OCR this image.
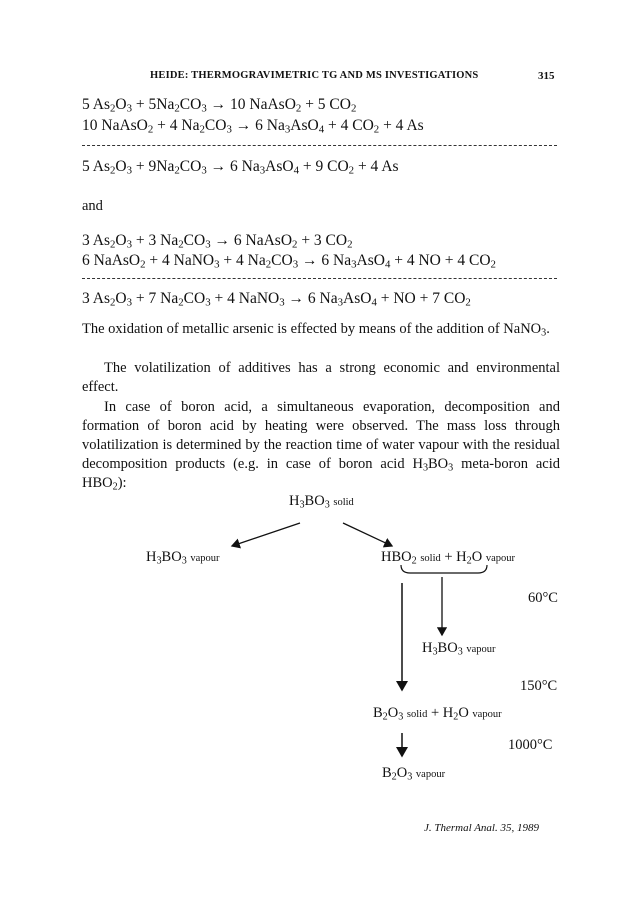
HEIDE: THERMOGRAVIMETRIC TG AND MS INVESTIGATIONS	315
5 $As_2O_3 + 5Na_2CO_3 \to 10$ NaAsO$_2$ + 5 $CO_2$
10 NaAsO$_2$ + 4 $Na_2CO_3 \to 6$ $Na_3AsO_4 + 4$ $CO_2 + 4$ As
5 $As_2O_3 + 9Na_2CO_3 \to 6$ $Na_3AsO_4 + 9$ $CO_2 + 4$ As
and
3 $As_2O_3 + 3$ $Na_2CO_3 \to 6$ NaAsO$_2$ + 3 $CO_2$
6 NaAsO$_2$ + 4 NaNO$_3$ + 4 $Na_2CO_3 \to 6$ $Na_3AsO_4 + 4$ NO + 4 $CO_2$
3 $As_2O_3 + 7$ $Na_2CO_3 + 4$ NaNO$_3$ → 6 $Na_3AsO_4$ + NO + 7 $CO_2$
The oxidation of metallic arsenic is effected by means of the addition of NaNO$_3$.
The volatilization of additives has a strong economic and environmental effect.
In case of boron acid, a simultaneous evaporation, decomposition and formation of boron acid by heating were observed. The mass loss through volatilization is determined by the reaction time of water vapour with the residual decomposition products (e.g. in case of boron acid $H_3BO_3$ meta-boron acid $HBO_2$):
$H_3BO_3$ solid
$H_3BO_3$ vapour	$HBO_2$ solid + $H_2O$ vapour
60°C
$H_3BO_3$ vapour
150°C
$B_2O_3$ solid + $H_2O$ vapour
1000°C
$B_2O_3$ vapour
J. Thermal Anal. 35, 1989
